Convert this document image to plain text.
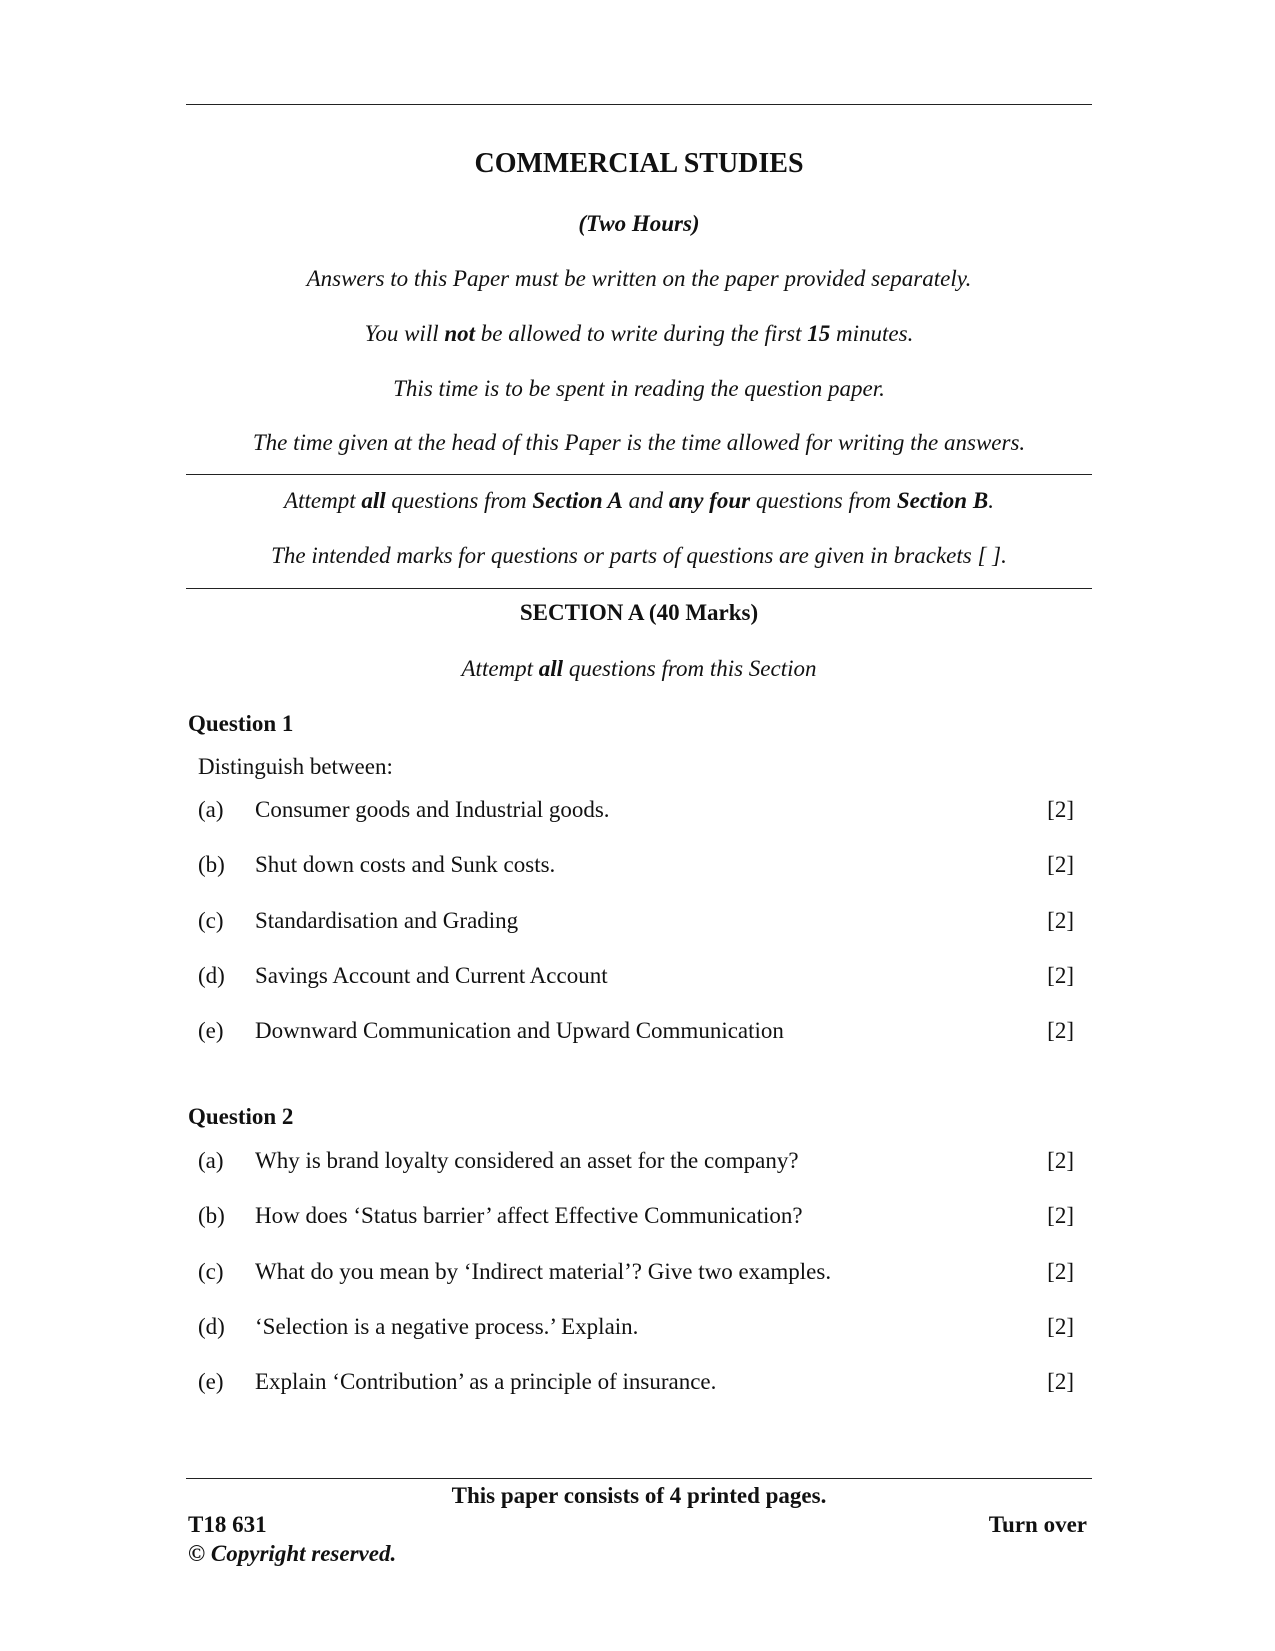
COMMERCIAL STUDIES
(Two Hours)
Answers to this Paper must be written on the paper provided separately.
You will not be allowed to write during the first 15 minutes.
This time is to be spent in reading the question paper.
The time given at the head of this Paper is the time allowed for writing the answers.
Attempt all questions from Section A and any four questions from Section B.
The intended marks for questions or parts of questions are given in brackets [ ].
SECTION A (40 Marks)
Attempt all questions from this Section
Question 1
Distinguish between:
(a) Consumer goods and Industrial goods.	[2]
(b) Shut down costs and Sunk costs.	[2]
(c) Standardisation and Grading	[2]
(d) Savings Account and Current Account	[2]
(e) Downward Communication and Upward Communication	[2]
Question 2
(a) Why is brand loyalty considered an asset for the company?	[2]
(b) How does ‘Status barrier’ affect Effective Communication?	[2]
(c) What do you mean by ‘Indirect material’? Give two examples.	[2]
(d) ‘Selection is a negative process.’ Explain.	[2]
(e) Explain ‘Contribution’ as a principle of insurance.	[2]
This paper consists of 4 printed pages.
T18 631	Turn over
© Copyright reserved.
